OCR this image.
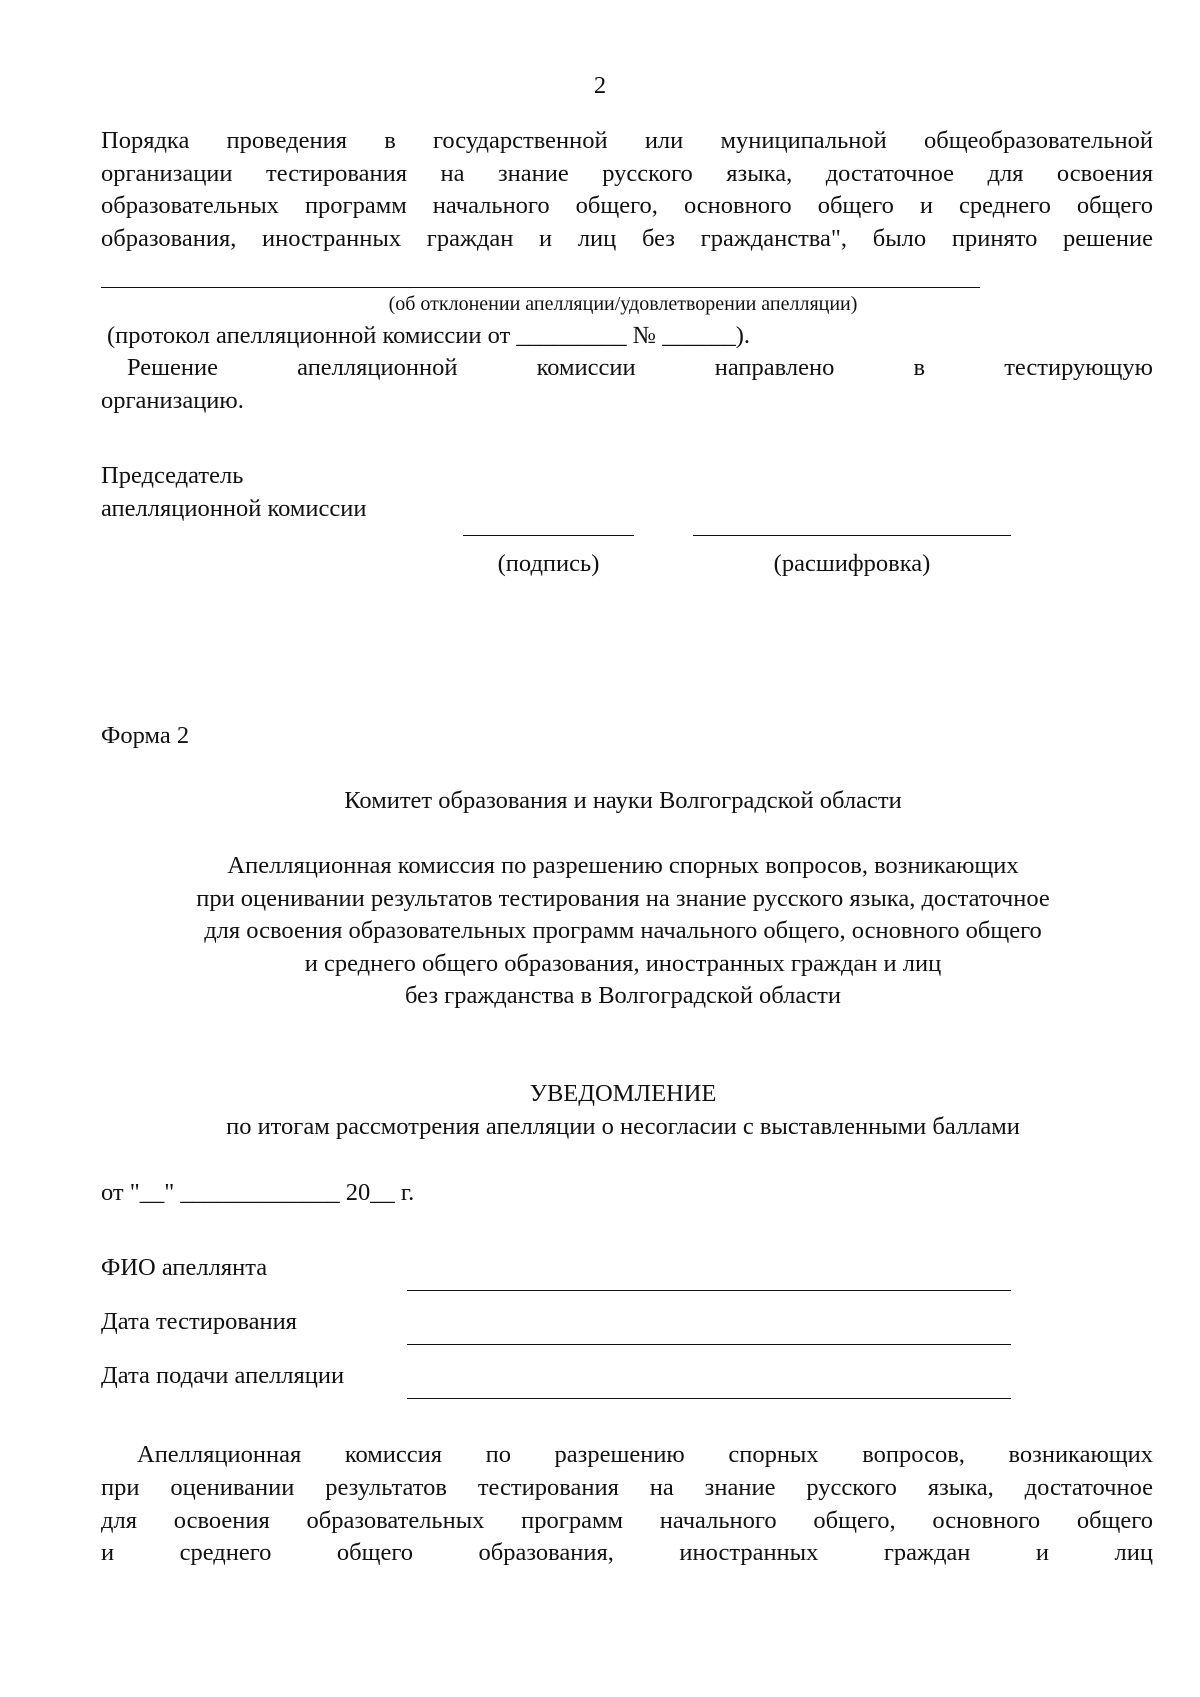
2
Порядка проведения в государственной или муниципальной общеобразовательной
организации тестирования на знание русского языка, достаточное для освоения
образовательных программ начального общего, основного общего и среднего общего
образования, иностранных граждан и лиц без гражданства", было принято решение
(об отклонении апелляции/удовлетворении апелляции)
(протокол апелляционной комиссии от _________ № ______).
Решение	апелляционной	комиссии	направлено	в	тестирующую
организацию.
Председатель
апелляционной комиссии
(подпись)	(расшифровка)
Форма 2
Комитет образования и науки Волгоградской области
Апелляционная комиссия по разрешению спорных вопросов, возникающих
при оценивании результатов тестирования на знание русского языка, достаточное
для освоения образовательных программ начального общего, основного общего
и среднего общего образования, иностранных граждан и лиц
без гражданства в Волгоградской области
УВЕДОМЛЕНИЕ
по итогам рассмотрения апелляции о несогласии с выставленными баллами
от "__" _____________ 20__ г.
ФИО апеллянта
Дата тестирования
Дата подачи апелляции
Апелляционная комиссия по разрешению спорных вопросов, возникающих
при оценивании результатов тестирования на знание русского языка, достаточное
для освоения образовательных программ начального общего, основного общего
и	среднего	общего	образования,	иностранных	граждан	и	лиц
